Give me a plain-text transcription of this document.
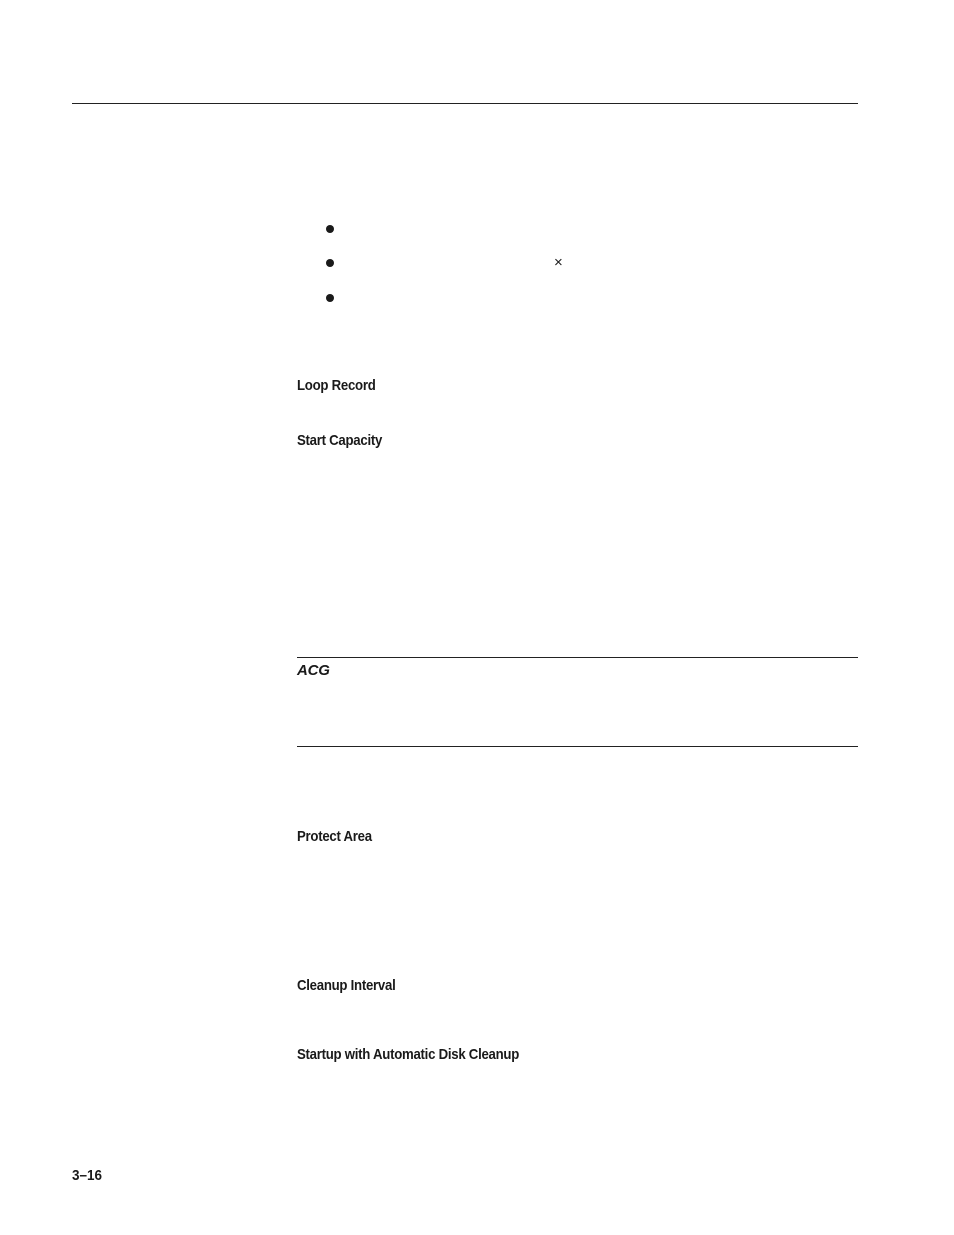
×
Loop Record
Start Capacity
ACG
Protect Area
Cleanup Interval
Startup with Automatic Disk Cleanup
3–16
